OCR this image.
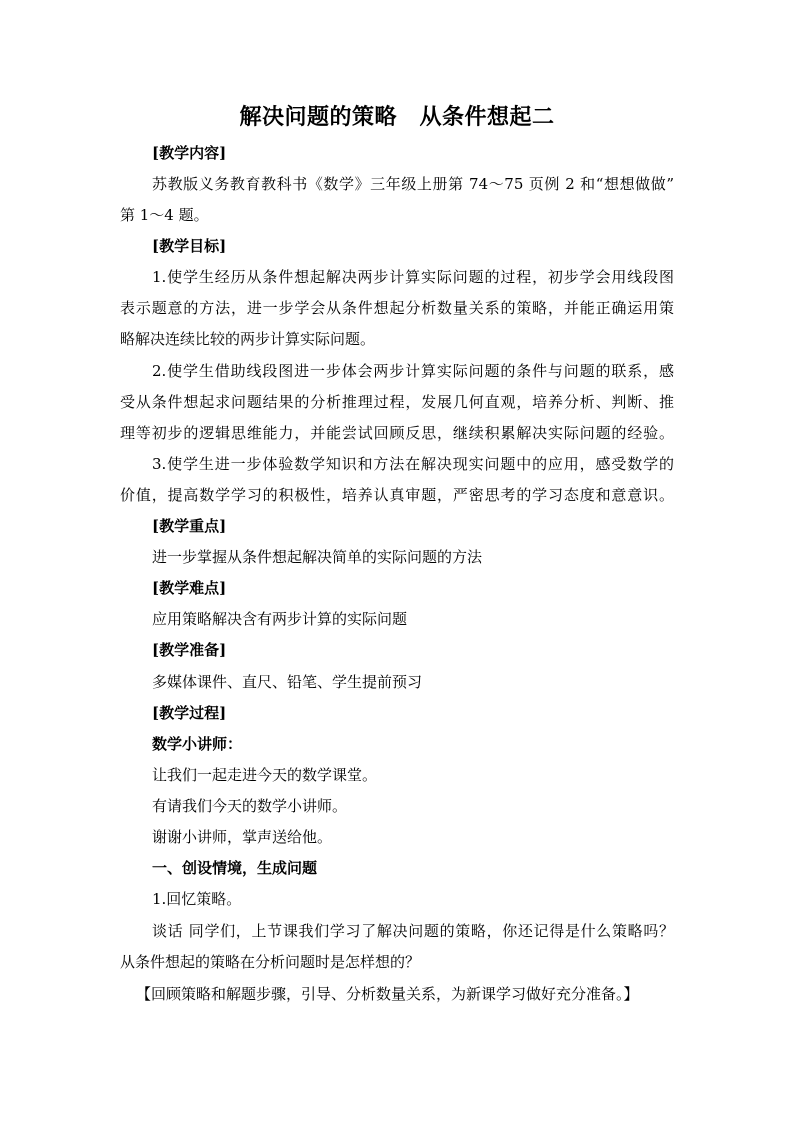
解决问题的策略　从条件想起二
[教学内容]
苏教版义务教育教科书《数学》三年级上册第 74～75 页例 2 和“想想做做”
第 1～4 题。
[教学目标]
1.使学生经历从条件想起解决两步计算实际问题的过程，初步学会用线段图
表示题意的方法，进一步学会从条件想起分析数量关系的策略，并能正确运用策
略解决连续比较的两步计算实际问题。
2.使学生借助线段图进一步体会两步计算实际问题的条件与问题的联系，感
受从条件想起求问题结果的分析推理过程，发展几何直观，培养分析、判断、推
理等初步的逻辑思维能力，并能尝试回顾反思，继续积累解决实际问题的经验。
3.使学生进一步体验数学知识和方法在解决现实问题中的应用，感受数学的
价值，提高数学学习的积极性，培养认真审题，严密思考的学习态度和意意识。
[教学重点]
进一步掌握从条件想起解决简单的实际问题的方法
[教学难点]
应用策略解决含有两步计算的实际问题
[教学准备]
多媒体课件、直尺、铅笔、学生提前预习
[教学过程]
数学小讲师：
让我们一起走进今天的数学课堂。
有请我们今天的数学小讲师。
谢谢小讲师，掌声送给他。
一、创设情境，生成问题
1.回忆策略。
谈话 同学们，上节课我们学习了解决问题的策略，你还记得是什么策略吗？
从条件想起的策略在分析问题时是怎样想的？
【回顾策略和解题步骤，引导、分析数量关系，为新课学习做好充分准备。】
